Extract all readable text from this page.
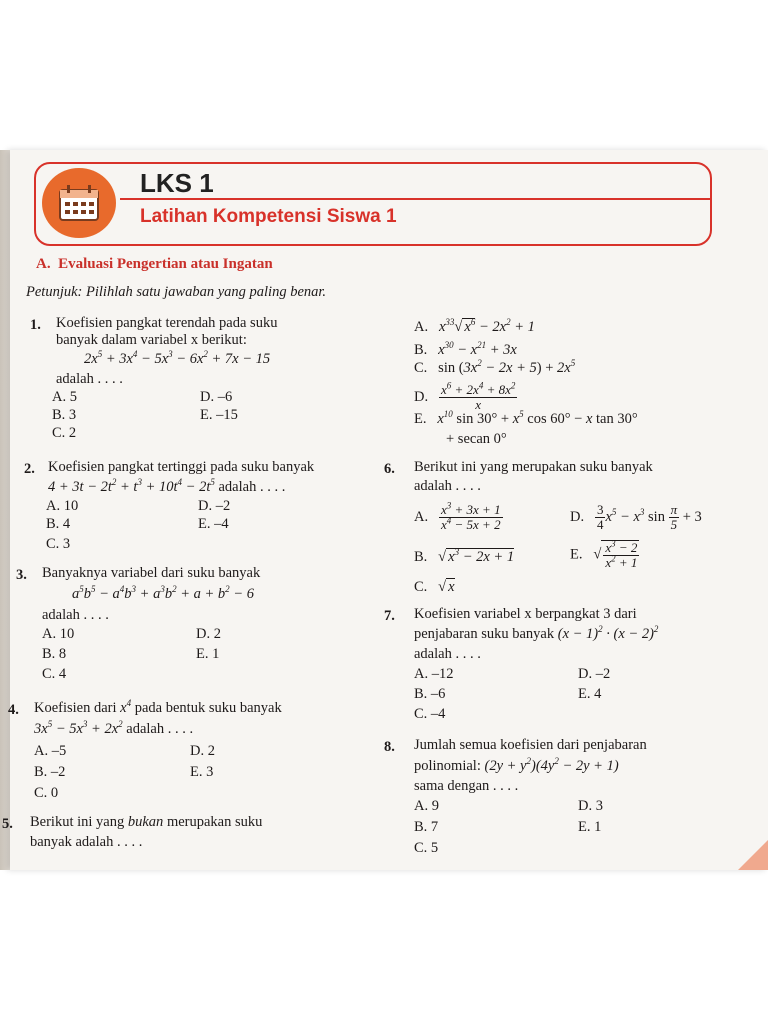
LKS 1
Latihan Kompetensi Siswa 1
A. Evaluasi Pengertian atau Ingatan
Petunjuk: Pilihlah satu jawaban yang paling benar.
1. Koefisien pangkat terendah pada suku
banyak dalam variabel x berikut:
$2x^5 + 3x^4 - 5x^3 - 6x^2 + 7x - 15$
adalah . . . .
A. 5
B. 3
C. 2
D. –6
E. –15
2. Koefisien pangkat tertinggi pada suku banyak
$4 + 3t - 2t^2 + t^3 + 10t^4 - 2t^5$ adalah . . . .
A. 10
B. 4
C. 3
D. –2
E. –4
3. Banyaknya variabel dari suku banyak
$a^5b^5 - a^4b^3 + a^3b^2 + a + b^2 - 6$
adalah . . . .
A. 10
B. 8
C. 4
D. 2
E. 1
4. Koefisien dari $x^4$ pada bentuk suku banyak
$3x^5 - 5x^3 + 2x^2$ adalah . . . .
A. –5
B. –2
C. 0
D. 2
E. 3
5. Berikut ini yang bukan merupakan suku
banyak adalah . . . .
A. $x^{33}√$ $x^6 - 2x^2 + 1$
B. $x^{30} - x^{21} + 3x$
C. $\sin (3x^2 - 2x + 5) + 2x^5$
D. $\frac{x^6 + 2x^4 + 8x^2}{x}$
E. $x^{10}$ $\sin 30^\circ + x^5$ cos 60° − x tan 30°
+ secan 0°
6. Berikut ini yang merupakan suku banyak
adalah . . . .
A. $\frac{x^3 + 3x + 1}{x^4 - 5x + 2}$	D. $\frac{3}{4} x^5 - x^3$ $\sin \frac{\pi}{5} + 3$
B.   √ $x^3 - 2x + 1$	E.   √ $\frac{x^3 - 2}{x^2 + 1}$
C.   √ x
7. Koefisien variabel x berpangkat 3 dari
penjabaran suku banyak $(x - 1)^2 \cdot (x - 2)^2$
adalah . . . .
A. –12
B. –6
C. –4
D. –2
E. 4
8. Jumlah semua koefisien dari penjabaran
polinomial: $(2y + y^2)(4y^2 - 2y + 1)$
sama dengan . . . .
A. 9
B. 7
C. 5
D. 3
E. 1
